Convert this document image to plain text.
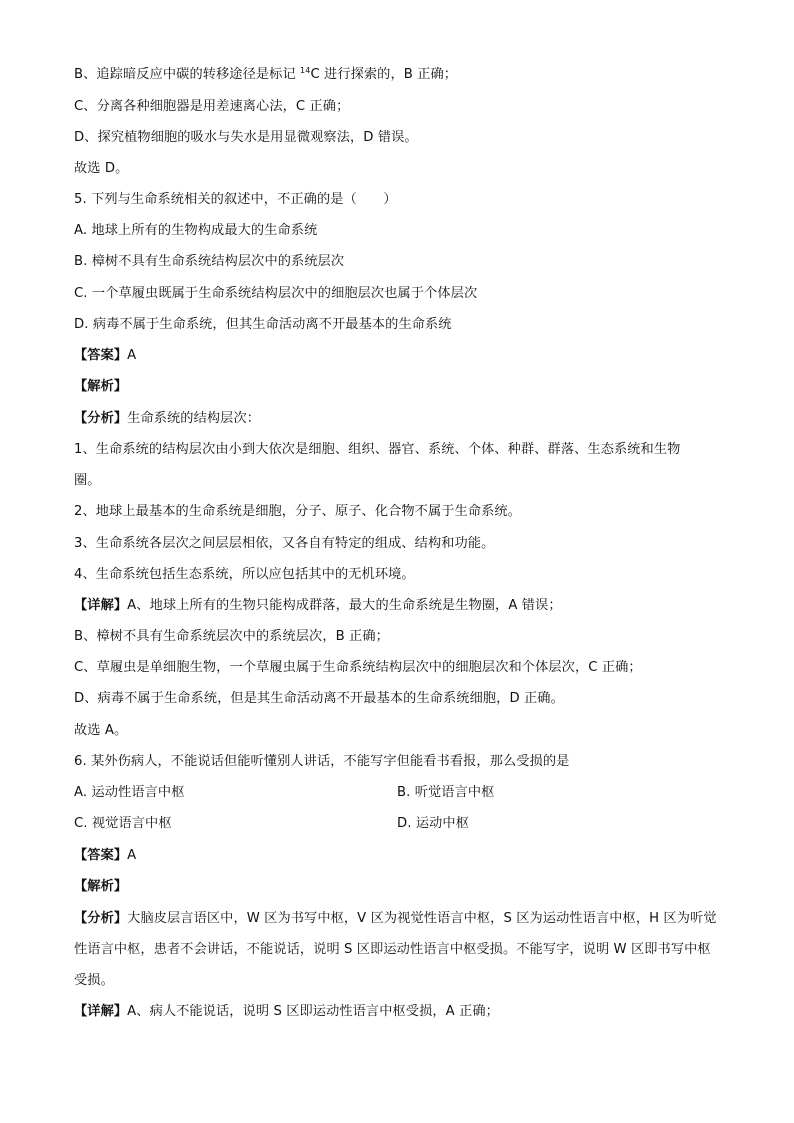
B、追踪暗反应中碳的转移途径是标记 $^{14}$C 进行探索的，B 正确；
C、分离各种细胞器是用差速离心法，C 正确；
D、探究植物细胞的吸水与失水是用显微观察法，D 错误。
故选 D。
5. 下列与生命系统相关的叙述中，不正确的是（　　）
A. 地球上所有的生物构成最大的生命系统
B. 樟树不具有生命系统结构层次中的系统层次
C. 一个草履虫既属于生命系统结构层次中的细胞层次也属于个体层次
D. 病毒不属于生命系统，但其生命活动离不开最基本的生命系统
【答案】A
【解析】
【分析】生命系统的结构层次：
1、生命系统的结构层次由小到大依次是细胞、组织、器官、系统、个体、种群、群落、生态系统和生物
圈。
2、地球上最基本的生命系统是细胞，分子、原子、化合物不属于生命系统。
3、生命系统各层次之间层层相依，又各自有特定的组成、结构和功能。
4、生命系统包括生态系统，所以应包括其中的无机环境。
【详解】A、地球上所有的生物只能构成群落，最大的生命系统是生物圈，A 错误；
B、樟树不具有生命系统层次中的系统层次，B 正确；
C、草履虫是单细胞生物，一个草履虫属于生命系统结构层次中的细胞层次和个体层次，C 正确；
D、病毒不属于生命系统，但是其生命活动离不开最基本的生命系统细胞，D 正确。
故选 A。
6. 某外伤病人，不能说话但能听懂别人讲话，不能写字但能看书看报，那么受损的是
A. 运动性语言中枢	B. 听觉语言中枢
C. 视觉语言中枢	D. 运动中枢
【答案】A
【解析】
【分析】大脑皮层言语区中，W 区为书写中枢，V 区为视觉性语言中枢，S 区为运动性语言中枢，H 区为听觉性语言中枢，患者不会讲话，不能说话，说明 S 区即运动性语言中枢受损。不能写字，说明 W 区即书写中枢受损。
【详解】A、病人不能说话，说明 S 区即运动性语言中枢受损，A 正确；
